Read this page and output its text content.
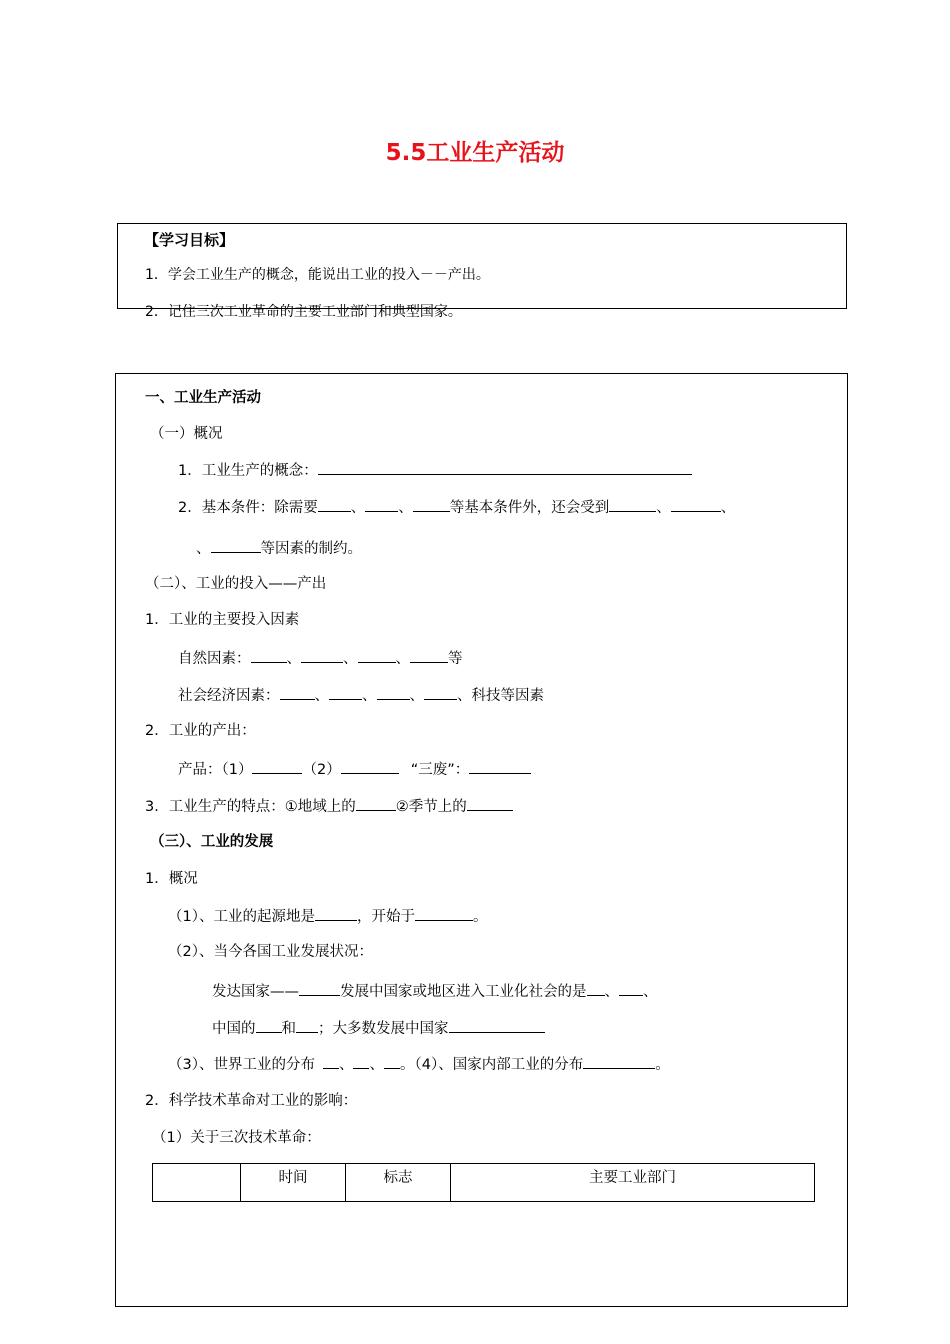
5.5工业生产活动
【学习目标】
1．学会工业生产的概念，能说出工业的投入－－产出。
2．记住三次工业革命的主要工业部门和典型国家。
一、工业生产活动
（一）概况
1．工业生产的概念：
2．基本条件：除需要 、 、	等基本条件外，还会受到	、	、
、	等因素的制约。
（二）、工业的投入——产出
1．工业的主要投入因素
自然因素： 、	、	、	等
社会经济因素： 、 、 、 、科技等因素
2．工业的产出：
产品：（1）	（2）	“三废”：
3．工业生产的特点：①地域上的	②季节上的
（三）、工业的发展
1．概况
（1）、工业的起源地是	，开始于	。
（2）、当今各国工业发展状况：
发达国家——	发展中国家或地区进入工业化社会的是 、 、
中国的 和 ；大多数发展中国家
（3）、世界工业的分布 、 、 。（4）、国家内部工业的分布	。
2．科学技术革命对工业的影响：
（1）关于三次技术革命：
	时间	标志	主要工业部门
